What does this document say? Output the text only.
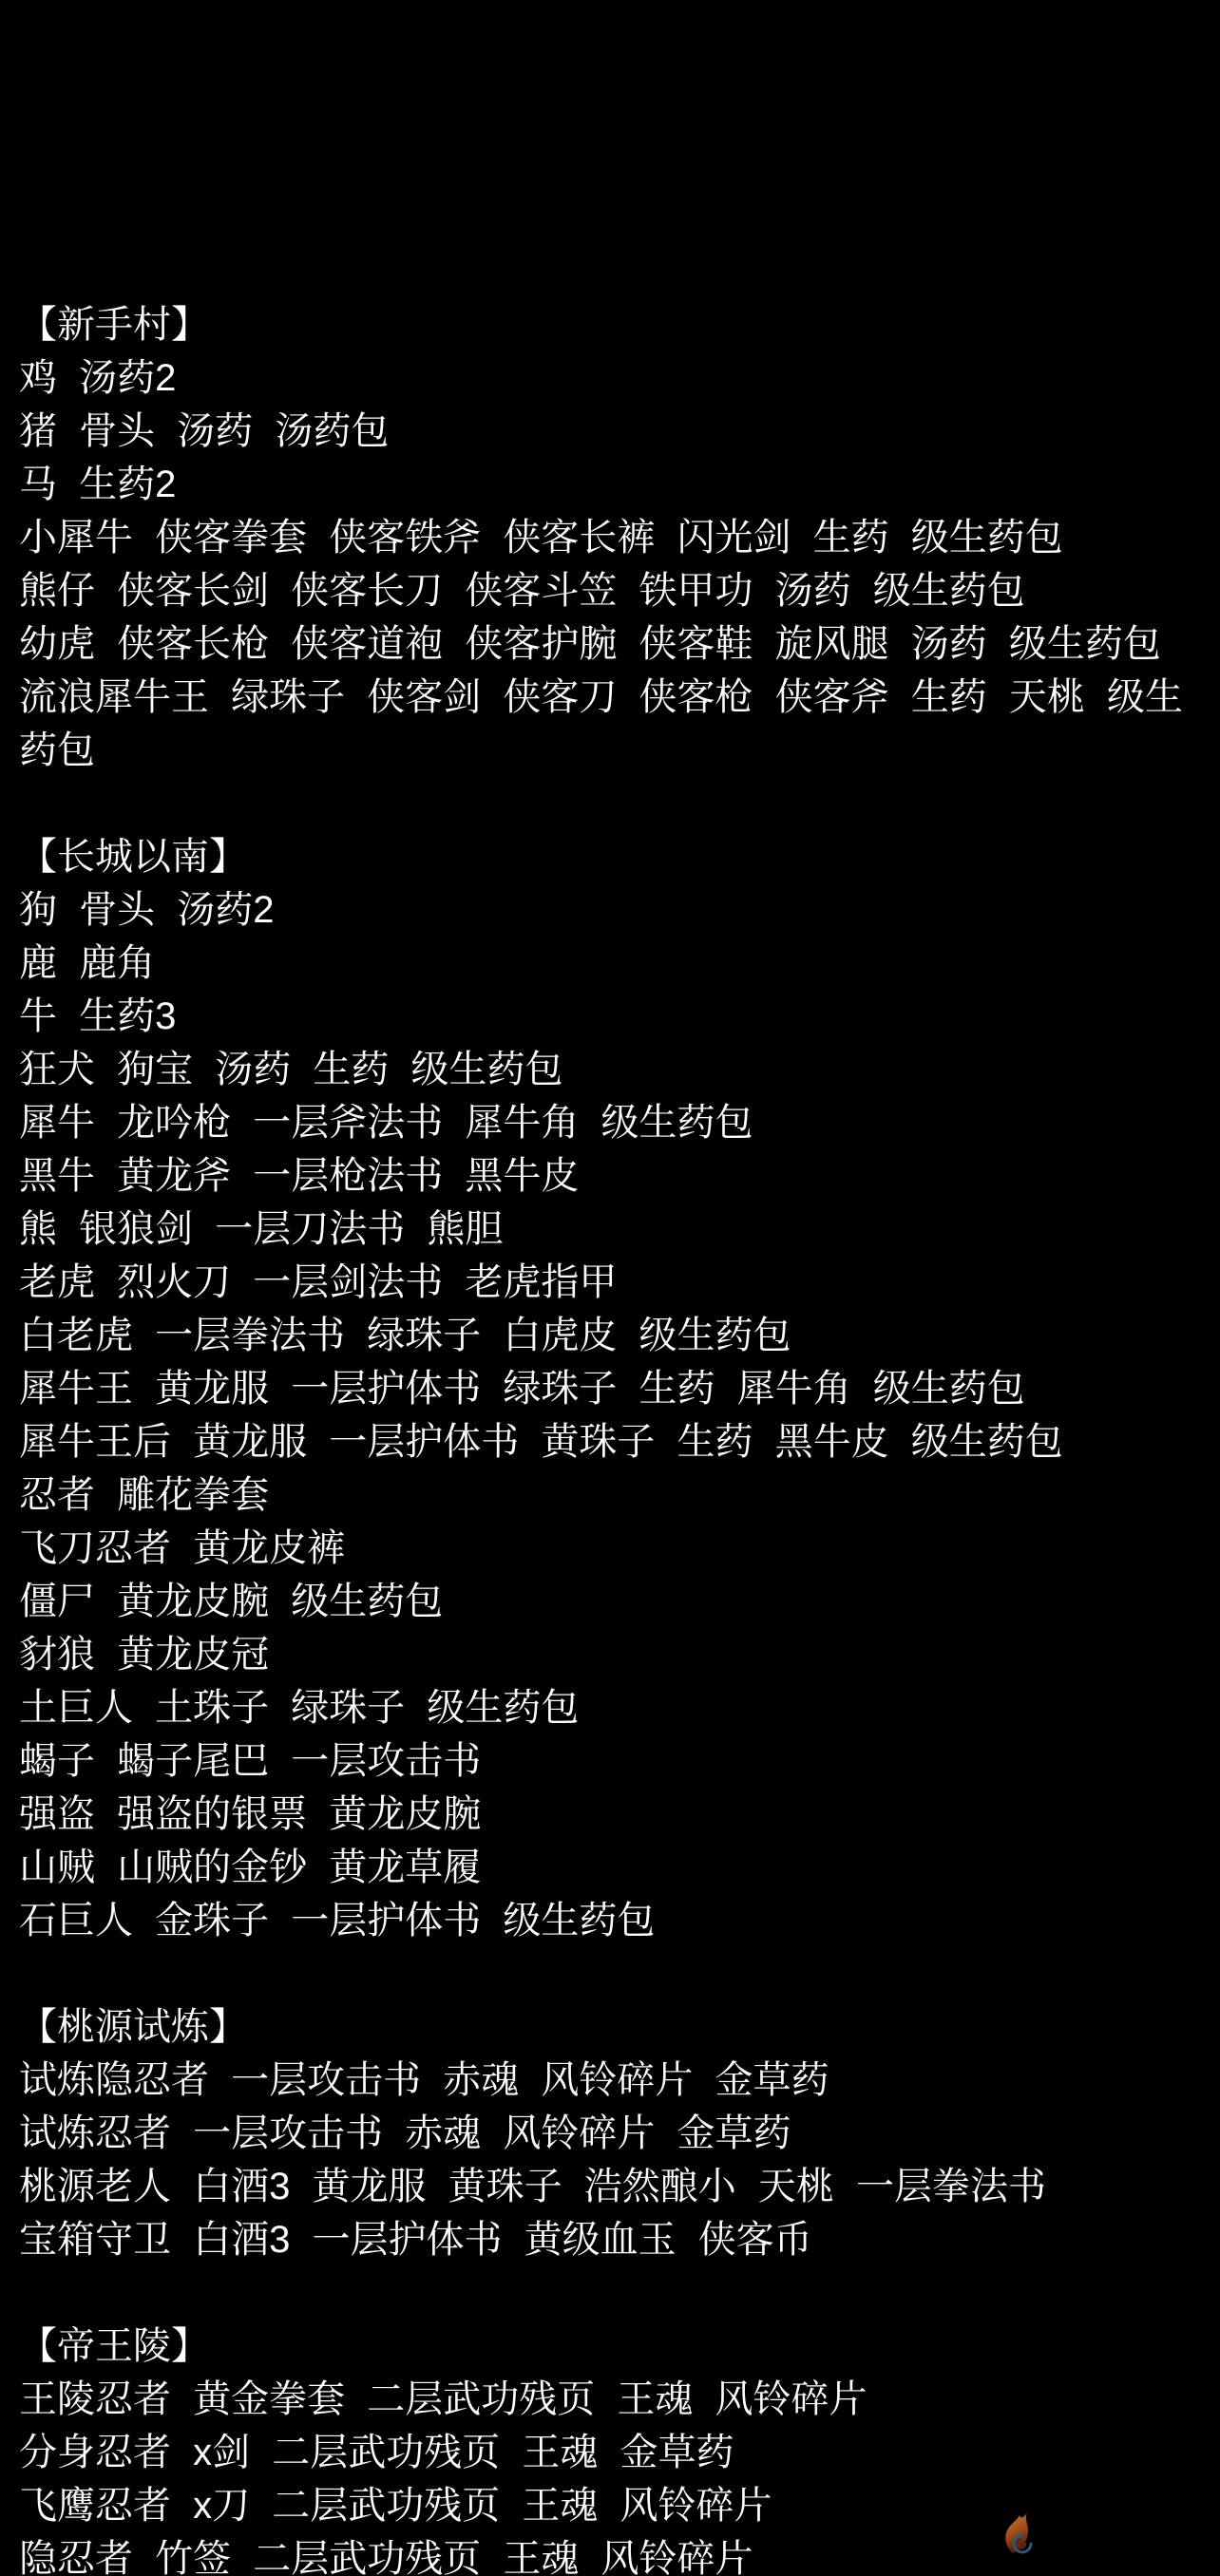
【新手村】
鸡 汤药2
猪 骨头 汤药 汤药包
马 生药2
小犀牛 侠客拳套 侠客铁斧 侠客长裤 闪光剑 生药 级生药包
熊仔 侠客长剑 侠客长刀 侠客斗笠 铁甲功 汤药 级生药包
幼虎 侠客长枪 侠客道袍 侠客护腕 侠客鞋 旋风腿 汤药 级生药包
流浪犀牛王 绿珠子 侠客剑 侠客刀 侠客枪 侠客斧 生药 天桃 级生药包
【长城以南】
狗 骨头 汤药2
鹿 鹿角
牛 生药3
狂犬 狗宝 汤药 生药 级生药包
犀牛 龙吟枪 一层斧法书 犀牛角 级生药包
黑牛 黄龙斧 一层枪法书 黑牛皮
熊 银狼剑 一层刀法书 熊胆
老虎 烈火刀 一层剑法书 老虎指甲
白老虎 一层拳法书 绿珠子 白虎皮 级生药包
犀牛王 黄龙服 一层护体书 绿珠子 生药 犀牛角 级生药包
犀牛王后 黄龙服 一层护体书 黄珠子 生药 黑牛皮 级生药包
忍者 雕花拳套
飞刀忍者 黄龙皮裤
僵尸 黄龙皮腕 级生药包
豺狼 黄龙皮冠
土巨人 土珠子 绿珠子 级生药包
蝎子 蝎子尾巴 一层攻击书
强盗 强盗的银票 黄龙皮腕
山贼 山贼的金钞 黄龙草履
石巨人 金珠子 一层护体书 级生药包
【桃源试炼】
试炼隐忍者 一层攻击书 赤魂 风铃碎片 金草药
试炼忍者 一层攻击书 赤魂 风铃碎片 金草药
桃源老人 白酒3 黄龙服 黄珠子 浩然酿小 天桃 一层拳法书
宝箱守卫 白酒3 一层护体书 黄级血玉 侠客币
【帝王陵】
王陵忍者 黄金拳套 二层武功残页 王魂 风铃碎片
分身忍者 x剑 二层武功残页 王魂 金草药
飞鹰忍者 x刀 二层武功残页 王魂 风铃碎片
隐忍者 竹签 二层武功残页 王魂 风铃碎片
